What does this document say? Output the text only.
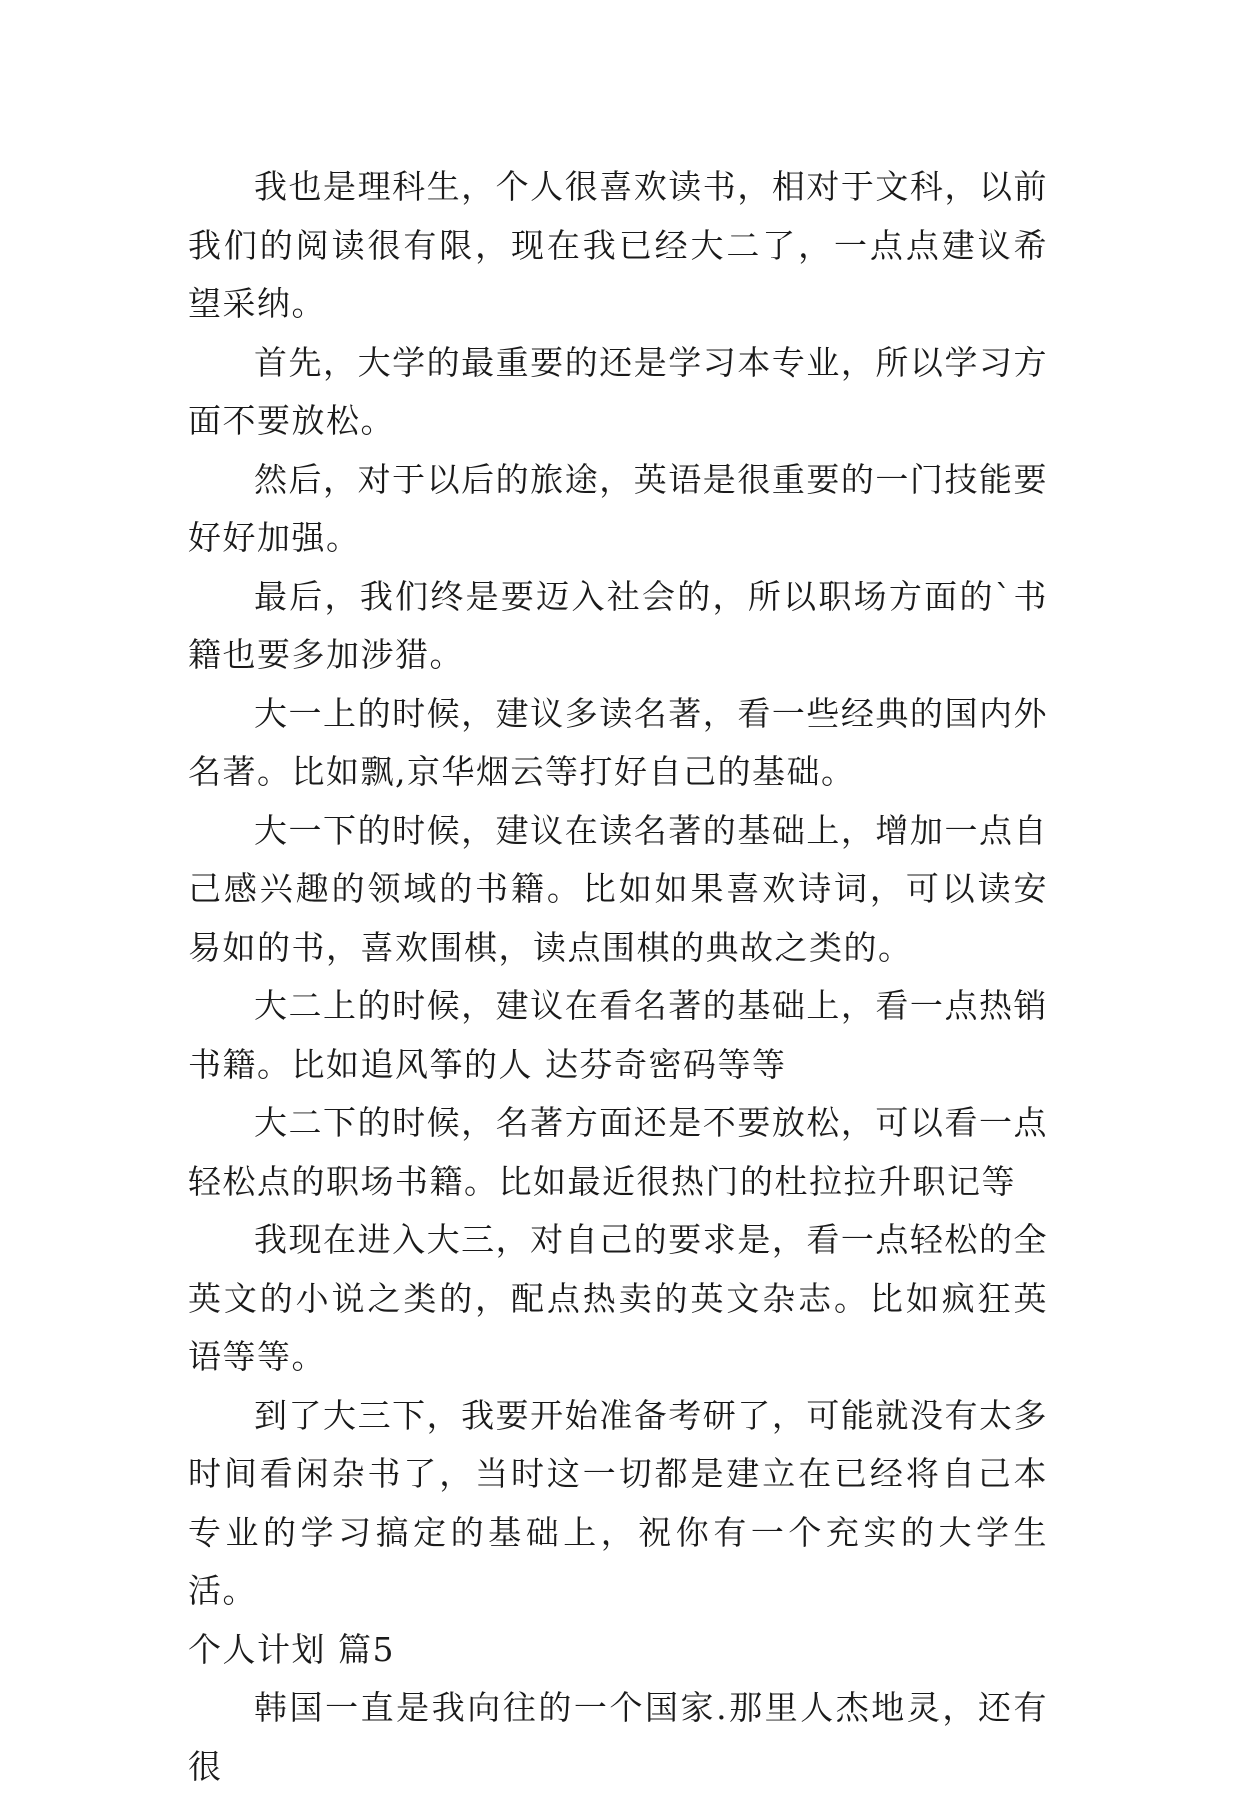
我也是理科生，个人很喜欢读书，相对于文科，以前我们的阅读很有限，现在我已经大二了，一点点建议希望采纳。

首先，大学的最重要的还是学习本专业，所以学习方面不要放松。

然后，对于以后的旅途，英语是很重要的一门技能要好好加强。

最后，我们终是要迈入社会的，所以职场方面的`书籍也要多加涉猎。

大一上的时候，建议多读名著，看一些经典的国内外名著。比如飘,京华烟云等打好自己的基础。

大一下的时候，建议在读名著的基础上，增加一点自己感兴趣的领域的书籍。比如如果喜欢诗词，可以读安易如的书，喜欢围棋，读点围棋的典故之类的。

大二上的时候，建议在看名著的基础上，看一点热销书籍。比如追风筝的人 达芬奇密码等等

大二下的时候，名著方面还是不要放松，可以看一点轻松点的职场书籍。比如最近很热门的杜拉拉升职记等

我现在进入大三，对自己的要求是，看一点轻松的全英文的小说之类的，配点热卖的英文杂志。比如疯狂英语等等。

到了大三下，我要开始准备考研了，可能就没有太多时间看闲杂书了，当时这一切都是建立在已经将自己本专业的学习搞定的基础上，祝你有一个充实的大学生活。

个人计划 篇5

韩国一直是我向往的一个国家.那里人杰地灵，还有很
